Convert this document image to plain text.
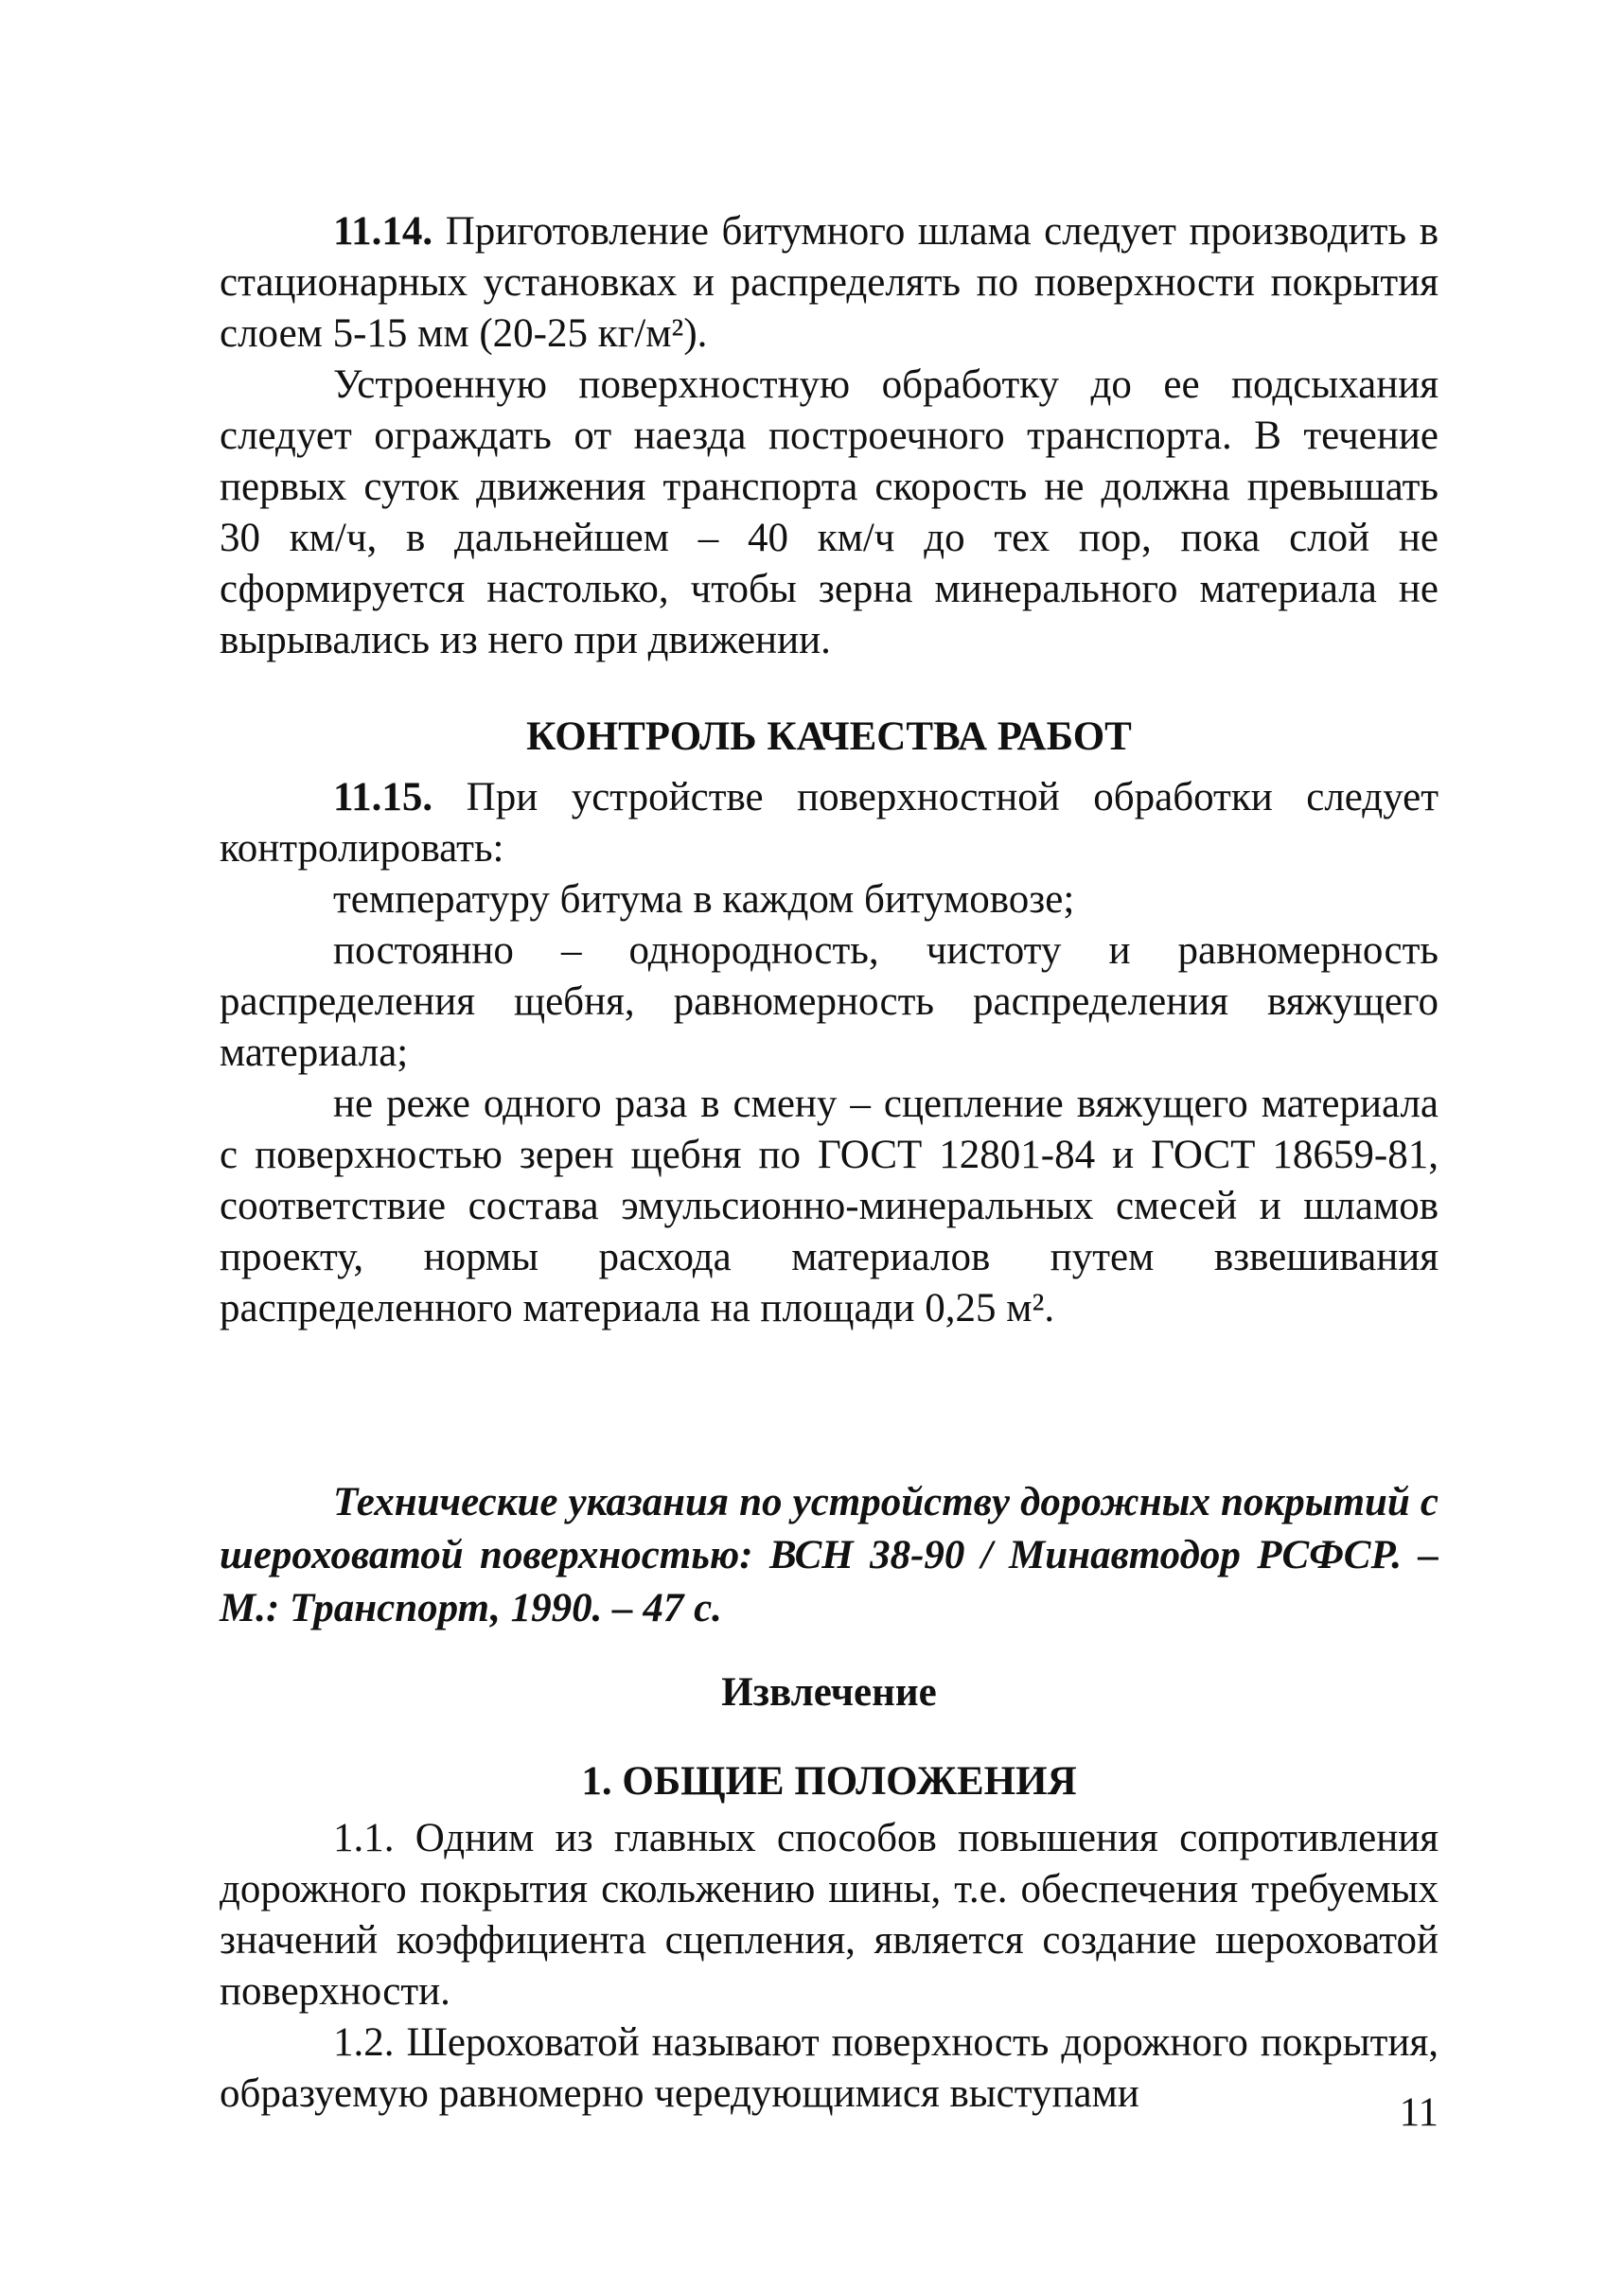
11.14. Приготовление битумного шлама следует производить в стационарных установках и распределять по поверхности покрытия слоем 5-15 мм (20-25 кг/м²).

Устроенную поверхностную обработку до ее подсыхания следует ограждать от наезда построечного транспорта. В течение первых суток движения транспорта скорость не должна превышать 30 км/ч, в дальнейшем – 40 км/ч до тех пор, пока слой не сформируется настолько, чтобы зерна минерального материала не вырывались из него при движении.

КОНТРОЛЬ КАЧЕСТВА РАБОТ

11.15. При устройстве поверхностной обработки следует контролировать:

температуру битума в каждом битумовозе;

постоянно – однородность, чистоту и равномерность распределения щебня, равномерность распределения вяжущего материала;

не реже одного раза в смену – сцепление вяжущего материала с поверхностью зерен щебня по ГОСТ 12801-84 и ГОСТ 18659-81, соответствие состава эмульсионно-минеральных смесей и шламов проекту, нормы расхода материалов путем взвешивания распределенного материала на площади 0,25 м².

Технические указания по устройству дорожных покрытий с шероховатой поверхностью: ВСН 38-90 / Минавтодор РСФСР. – М.: Транспорт, 1990. – 47 с.

Извлечение
1. ОБЩИЕ ПОЛОЖЕНИЯ

1.1. Одним из главных способов повышения сопротивления дорожного покрытия скольжению шины, т.е. обеспечения требуемых значений коэффициента сцепления, является создание шероховатой поверхности.

1.2. Шероховатой называют поверхность дорожного покрытия, образуемую равномерно чередующимися выступами	11
